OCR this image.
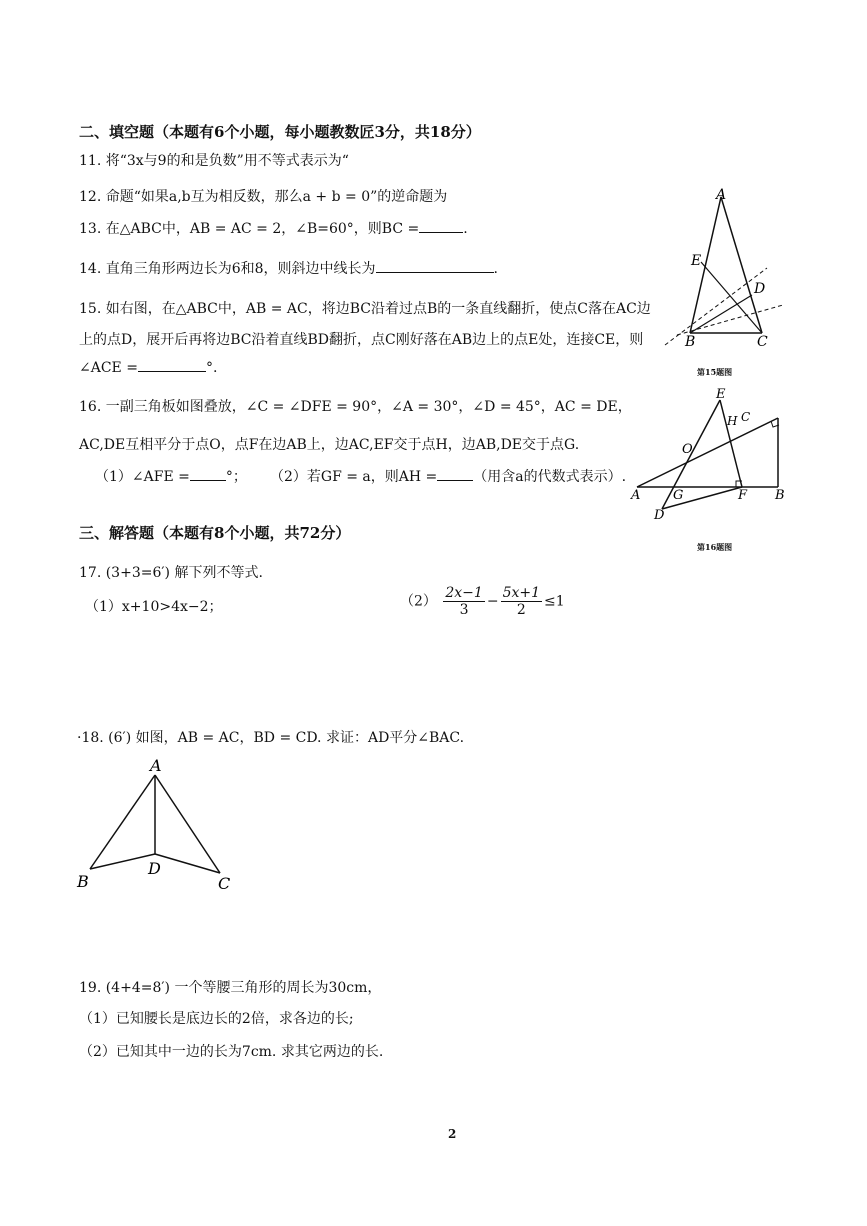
二、填空题（本题有6个小题，每小题教数匠3分，共18分）
11. 将“3x与9的和是负数”用不等式表示为“
12. 命题“如果a,b互为相反数，那么a + b = 0”的逆命题为
13. 在△ABC中，AB = AC = 2，∠B=60°，则BC =	.
14. 直角三角形两边长为6和8，则斜边中线长为	.
15. 如右图，在△ABC中，AB = AC，将边BC沿着过点B的一条直线翻折，使点C落在AC边
上的点D，展开后再将边BC沿着直线BD翻折，点C刚好落在AB边上的点E处，连接CE，则
∠ACE =	°.
16. 一副三角板如图叠放，∠C = ∠DFE = 90°，∠A = 30°，∠D = 45°，AC = DE，
AC,DE互相平分于点O，点F在边AB上，边AC,EF交于点H，边AB,DE交于点G.
（1）∠AFE =	°； （2）若GF = a，则AH =	（用含a的代数式表示）.
A
E
D
B	C
第15题图
E
H C
O
A	G	F B
D
第16题图
三、解答题（本题有8个小题，共72分）
17. (3+3=6′) 解下列不等式.
（1）x+10>4x−2；	$(2) \frac{2x-1}{3} - \frac{5x+1}{2} \le 1$
·18. (6′) 如图，AB = AC，BD = CD. 求证：AD平分∠BAC.
A
B
D
C
19. (4+4=8′) 一个等腰三角形的周长为30cm，
（1）已知腰长是底边长的2倍，求各边的长;
（2）已知其中一边的长为7cm. 求其它两边的长.
2
